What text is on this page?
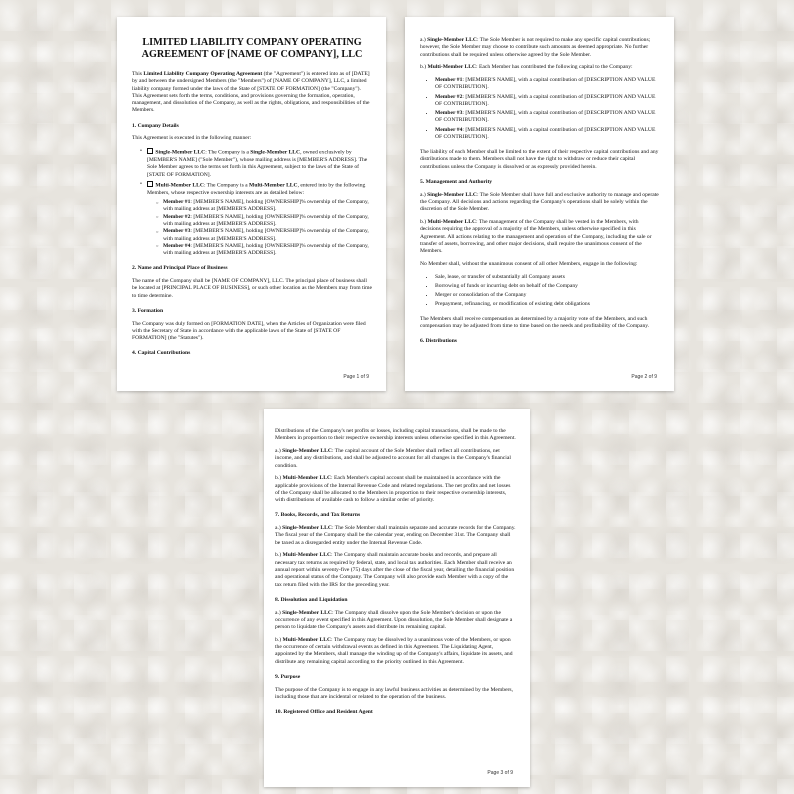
LIMITED LIABILITY COMPANY OPERATING AGREEMENT OF [NAME OF COMPANY], LLC

This Limited Liability Company Operating Agreement (the "Agreement") is entered into as of [DATE] by and between the undersigned Members (the "Members") of [NAME OF COMPANY], LLC, a limited liability company formed under the laws of the State of [STATE OF FORMATION] (the "Company"). This Agreement sets forth the terms, conditions, and provisions governing the formation, operation, management, and dissolution of the Company, as well as the rights, obligations, and responsibilities of the Members.

1. Company Details

This Agreement is executed in the following manner:

• Single-Member LLC: The Company is a Single-Member LLC, owned exclusively by [MEMBER'S NAME] ("Sole Member"), whose mailing address is [MEMBER'S ADDRESS]. The Sole Member agrees to the terms set forth in this Agreement, subject to the laws of the State of [STATE OF FORMATION].
• Multi-Member LLC: The Company is a Multi-Member LLC, entered into by the following Members, whose respective ownership interests are as detailed below:
○ Member #1: [MEMBER'S NAME], holding [OWNERSHIP]% ownership of the Company, with mailing address at [MEMBER'S ADDRESS].
○ Member #2: [MEMBER'S NAME], holding [OWNERSHIP]% ownership of the Company, with mailing address at [MEMBER'S ADDRESS].
○ Member #3: [MEMBER'S NAME], holding [OWNERSHIP]% ownership of the Company, with mailing address at [MEMBER'S ADDRESS].
○ Member #4: [MEMBER'S NAME], holding [OWNERSHIP]% ownership of the Company, with mailing address at [MEMBER'S ADDRESS].
2. Name and Principal Place of Business

The name of the Company shall be [NAME OF COMPANY], LLC. The principal place of business shall be located at [PRINCIPAL PLACE OF BUSINESS], or such other location as the Members may from time to time determine.

3. Formation

The Company was duly formed on [FORMATION DATE], when the Articles of Organization were filed with the Secretary of State in accordance with the applicable laws of the State of [STATE OF FORMATION] (the "Statutes").

4. Capital Contributions
Page 1 of 9

a.) Single-Member LLC: The Sole Member is not required to make any specific capital contributions; however, the Sole Member may choose to contribute such amounts as deemed appropriate. No further contributions shall be required unless otherwise agreed by the Sole Member.

b.) Multi-Member LLC: Each Member has contributed the following capital to the Company:

• Member #1: [MEMBER'S NAME], with a capital contribution of [DESCRIPTION AND VALUE OF CONTRIBUTION].
• Member #2: [MEMBER'S NAME], with a capital contribution of [DESCRIPTION AND VALUE OF CONTRIBUTION].
• Member #3: [MEMBER'S NAME], with a capital contribution of [DESCRIPTION AND VALUE OF CONTRIBUTION].
• Member #4: [MEMBER'S NAME], with a capital contribution of [DESCRIPTION AND VALUE OF CONTRIBUTION].

The liability of each Member shall be limited to the extent of their respective capital contributions and any distributions made to them. Members shall not have the right to withdraw or reduce their capital contributions unless the Company is dissolved or as expressly provided herein.

5. Management and Authority

a.) Single-Member LLC: The Sole Member shall have full and exclusive authority to manage and operate the Company. All decisions and actions regarding the Company's operations shall be solely within the discretion of the Sole Member.

b.) Multi-Member LLC: The management of the Company shall be vested in the Members, with decisions requiring the approval of a majority of the Members, unless otherwise specified in this Agreement. All actions relating to the management and operation of the Company, including the sale or transfer of assets, borrowing, and other major decisions, shall require the unanimous consent of the Members.

No Member shall, without the unanimous consent of all other Members, engage in the following:

• Sale, lease, or transfer of substantially all Company assets
• Borrowing of funds or incurring debt on behalf of the Company
• Merger or consolidation of the Company
• Prepayment, refinancing, or modification of existing debt obligations

The Members shall receive compensation as determined by a majority vote of the Members, and such compensation may be adjusted from time to time based on the needs and profitability of the Company.

6. Distributions
Page 2 of 9

Distributions of the Company's net profits or losses, including capital transactions, shall be made to the Members in proportion to their respective ownership interests unless otherwise specified in this Agreement.

a.) Single-Member LLC: The capital account of the Sole Member shall reflect all contributions, net income, and any distributions, and shall be adjusted to account for all changes in the Company's financial condition.

b.) Multi-Member LLC: Each Member's capital account shall be maintained in accordance with the applicable provisions of the Internal Revenue Code and related regulations. The net profits and net losses of the Company shall be allocated to the Members in proportion to their respective ownership interests, with distributions of available cash to follow a similar order of priority.

7. Books, Records, and Tax Returns

a.) Single-Member LLC: The Sole Member shall maintain separate and accurate records for the Company. The fiscal year of the Company shall be the calendar year, ending on December 31st. The Company shall be taxed as a disregarded entity under the Internal Revenue Code.

b.) Multi-Member LLC: The Company shall maintain accurate books and records, and prepare all necessary tax returns as required by federal, state, and local tax authorities. Each Member shall receive an annual report within seventy-five (75) days after the close of the fiscal year, detailing the financial position and operational status of the Company. The Company will also provide each Member with a copy of the tax return filed with the IRS for the preceding year.

8. Dissolution and Liquidation

a.) Single-Member LLC: The Company shall dissolve upon the Sole Member's decision or upon the occurrence of any event specified in this Agreement. Upon dissolution, the Sole Member shall designate a person to liquidate the Company's assets and distribute its remaining capital.

b.) Multi-Member LLC: The Company may be dissolved by a unanimous vote of the Members, or upon the occurrence of certain withdrawal events as defined in this Agreement. The Liquidating Agent, appointed by the Members, shall manage the winding up of the Company's affairs, liquidate its assets, and distribute any remaining capital according to the priority outlined in this Agreement.

9. Purpose

The purpose of the Company is to engage in any lawful business activities as determined by the Members, including those that are incidental or related to the operation of the business.

10. Registered Office and Resident Agent
Page 3 of 9
